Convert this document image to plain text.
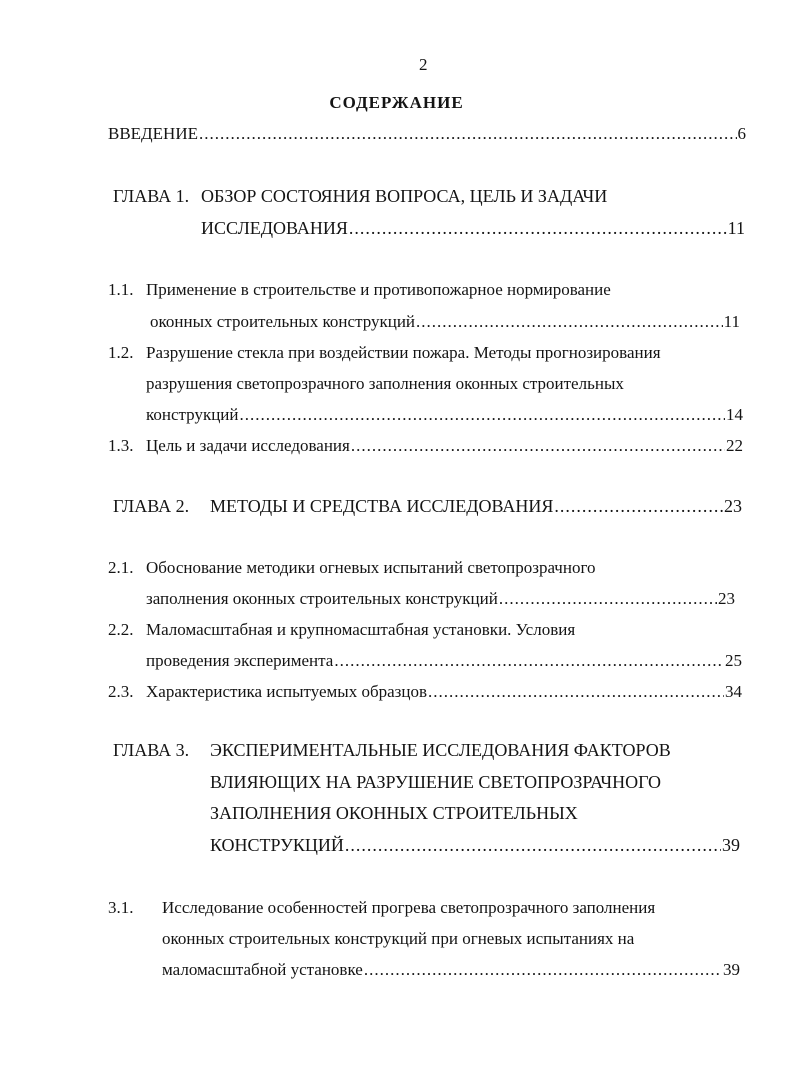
2
СОДЕРЖАНИЕ
ВВЕДЕНИЕ .....	6
ГЛАВА 1. ОБЗОР СОСТОЯНИЯ ВОПРОСА, ЦЕЛЬ И ЗАДАЧИ
ИССЛЕДОВАНИЯ .....	11
1.1. Применение в строительстве и противопожарное нормирование
оконных строительных конструкций .....	11
1.2. Разрушение стекла при воздействии пожара. Методы прогнозирования
разрушения светопрозрачного заполнения оконных строительных
конструкций .....	14
1.3. Цель и задачи исследования .....	22
ГЛАВА 2. МЕТОДЫ И СРЕДСТВА ИССЛЕДОВАНИЯ .....	23
2.1. Обоснование методики огневых испытаний светопрозрачного
заполнения оконных строительных конструкций .....	23
2.2. Маломасштабная и крупномасштабная установки. Условия
проведения эксперимента .....	25
2.3. Характеристика испытуемых образцов .....	34
ГЛАВА 3. ЭКСПЕРИМЕНТАЛЬНЫЕ ИССЛЕДОВАНИЯ ФАКТОРОВ
ВЛИЯЮЩИХ НА РАЗРУШЕНИЕ СВЕТОПРОЗРАЧНОГО
ЗАПОЛНЕНИЯ ОКОННЫХ СТРОИТЕЛЬНЫХ
КОНСТРУКЦИЙ .....	39
3.1. Исследование особенностей прогрева светопрозрачного заполнения
оконных строительных конструкций при огневых испытаниях на
маломасштабной установке .....	39
